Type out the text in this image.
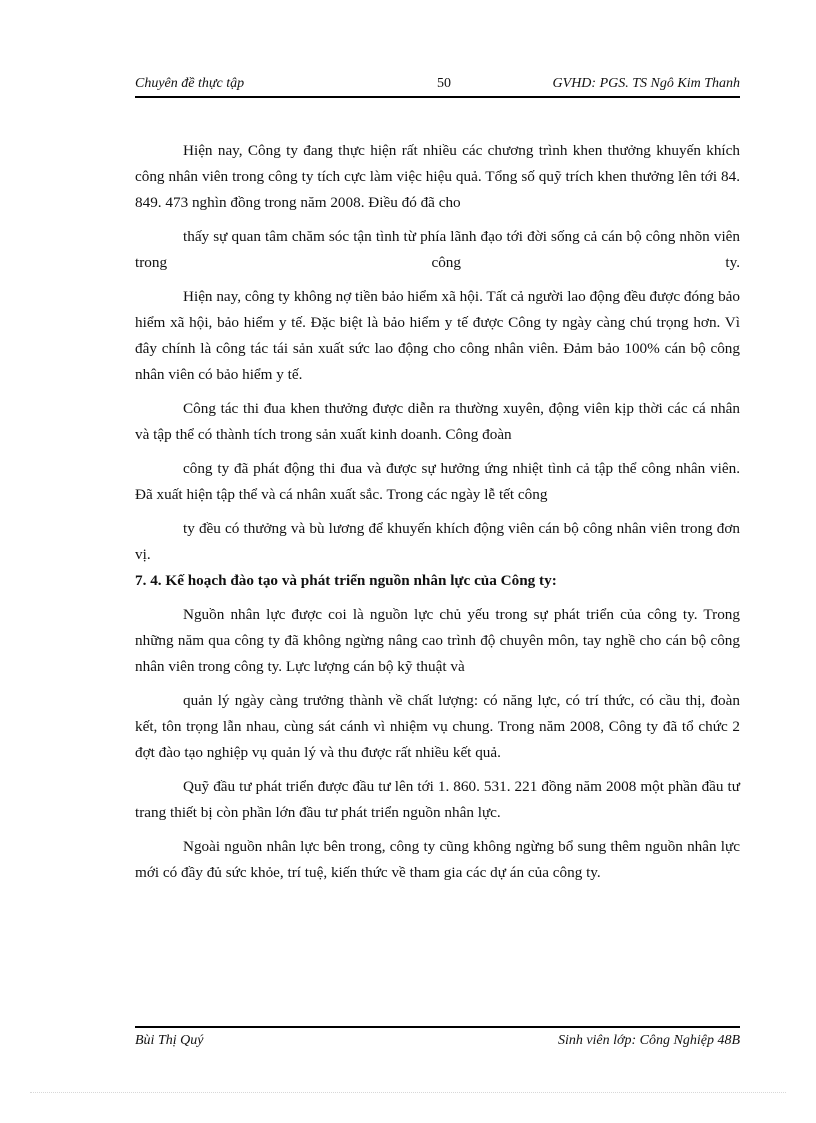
Chuyên đề thực tập	50	GVHD: PGS. TS Ngô Kim Thanh

Hiện nay, Công ty đang thực hiện rất nhiều các chương trình khen thưởng khuyến khích công nhân viên trong công ty tích cực làm việc hiệu quả. Tổng số quỹ trích khen thưởng lên tới 84. 849. 473 nghìn đồng trong năm 2008. Điều đó đã cho

thấy sự quan tâm chăm sóc tận tình từ phía lãnh đạo tới đời sống cả cán bộ công nhõn viên trong công ty.

Hiện nay, công ty không nợ tiền bảo hiểm xã hội. Tất cả người lao động đều được đóng bảo hiểm xã hội, bảo hiểm y tế. Đặc biệt là bảo hiểm y tế được Công ty ngày càng chú trọng hơn. Vì đây chính là công tác tái sản xuất sức lao động cho công nhân viên. Đảm bảo 100% cán bộ công nhân viên có bảo hiểm y tế.

Công tác thi đua khen thưởng được diễn ra thường xuyên, động viên kịp thời các cá nhân và tập thể có thành tích trong sản xuất kinh doanh. Công đoàn

công ty đã phát động thi đua và được sự hưởng ứng nhiệt tình cả tập thể công nhân viên. Đã xuất hiện tập thể và cá nhân xuất sắc. Trong các ngày lễ tết công

ty đều có thưởng và bù lương để khuyến khích động viên cán bộ công nhân viên trong đơn vị.

7. 4. Kế hoạch đào tạo và phát triển nguồn nhân lực của Công ty:

Nguồn nhân lực được coi là nguồn lực chủ yếu trong sự phát triển của công ty. Trong những năm qua công ty đã không ngừng nâng cao trình độ chuyên môn, tay nghề cho cán bộ công nhân viên trong công ty. Lực lượng cán bộ kỹ thuật và

quản lý ngày càng trưởng thành về chất lượng: có năng lực, có trí thức, có cầu thị, đoàn kết, tôn trọng lẫn nhau, cùng sát cánh vì nhiệm vụ chung. Trong năm 2008, Công ty đã tổ chức 2 đợt đào tạo nghiệp vụ quản lý và thu được rất nhiều kết quả.

Quỹ đầu tư phát triển được đầu tư lên tới 1. 860. 531. 221 đồng năm 2008 một phần đầu tư trang thiết bị còn phần lớn đầu tư phát triển nguồn nhân lực.

Ngoài nguồn nhân lực bên trong, công ty cũng không ngừng bổ sung thêm nguồn nhân lực mới có đầy đủ sức khỏe, trí tuệ, kiến thức về tham gia các dự án của công ty.

Bùi Thị Quý	Sinh viên lớp: Công Nghiệp 48B
